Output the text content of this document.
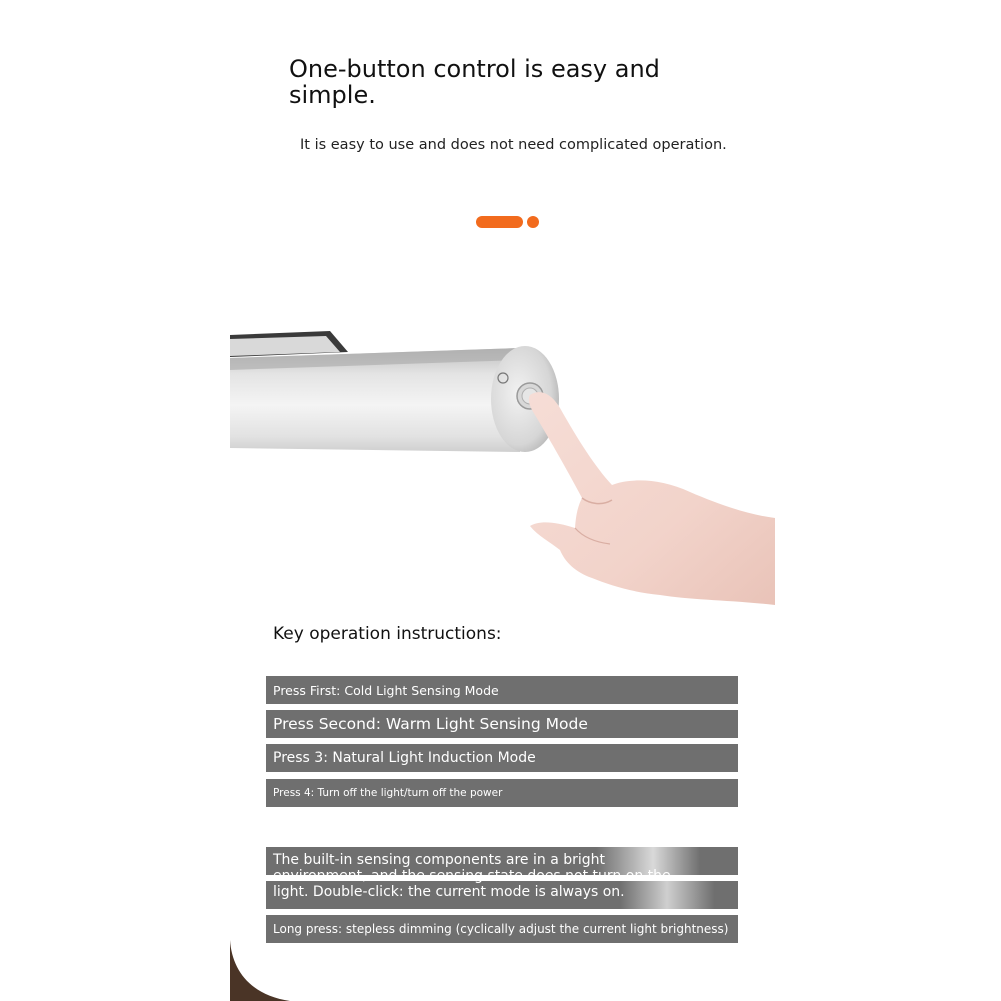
One-button control is easy and simple.
It is easy to use and does not need complicated operation.
Key operation instructions:
Press First: Cold Light Sensing Mode
Press Second: Warm Light Sensing Mode
Press 3: Natural Light Induction Mode
Press 4: Turn off the light/turn off the power
The built-in sensing components are in a bright environment, and the sensing state does not turn on the light. Double-click: the current mode is always on.
Long press: stepless dimming (cyclically adjust the current light brightness)
